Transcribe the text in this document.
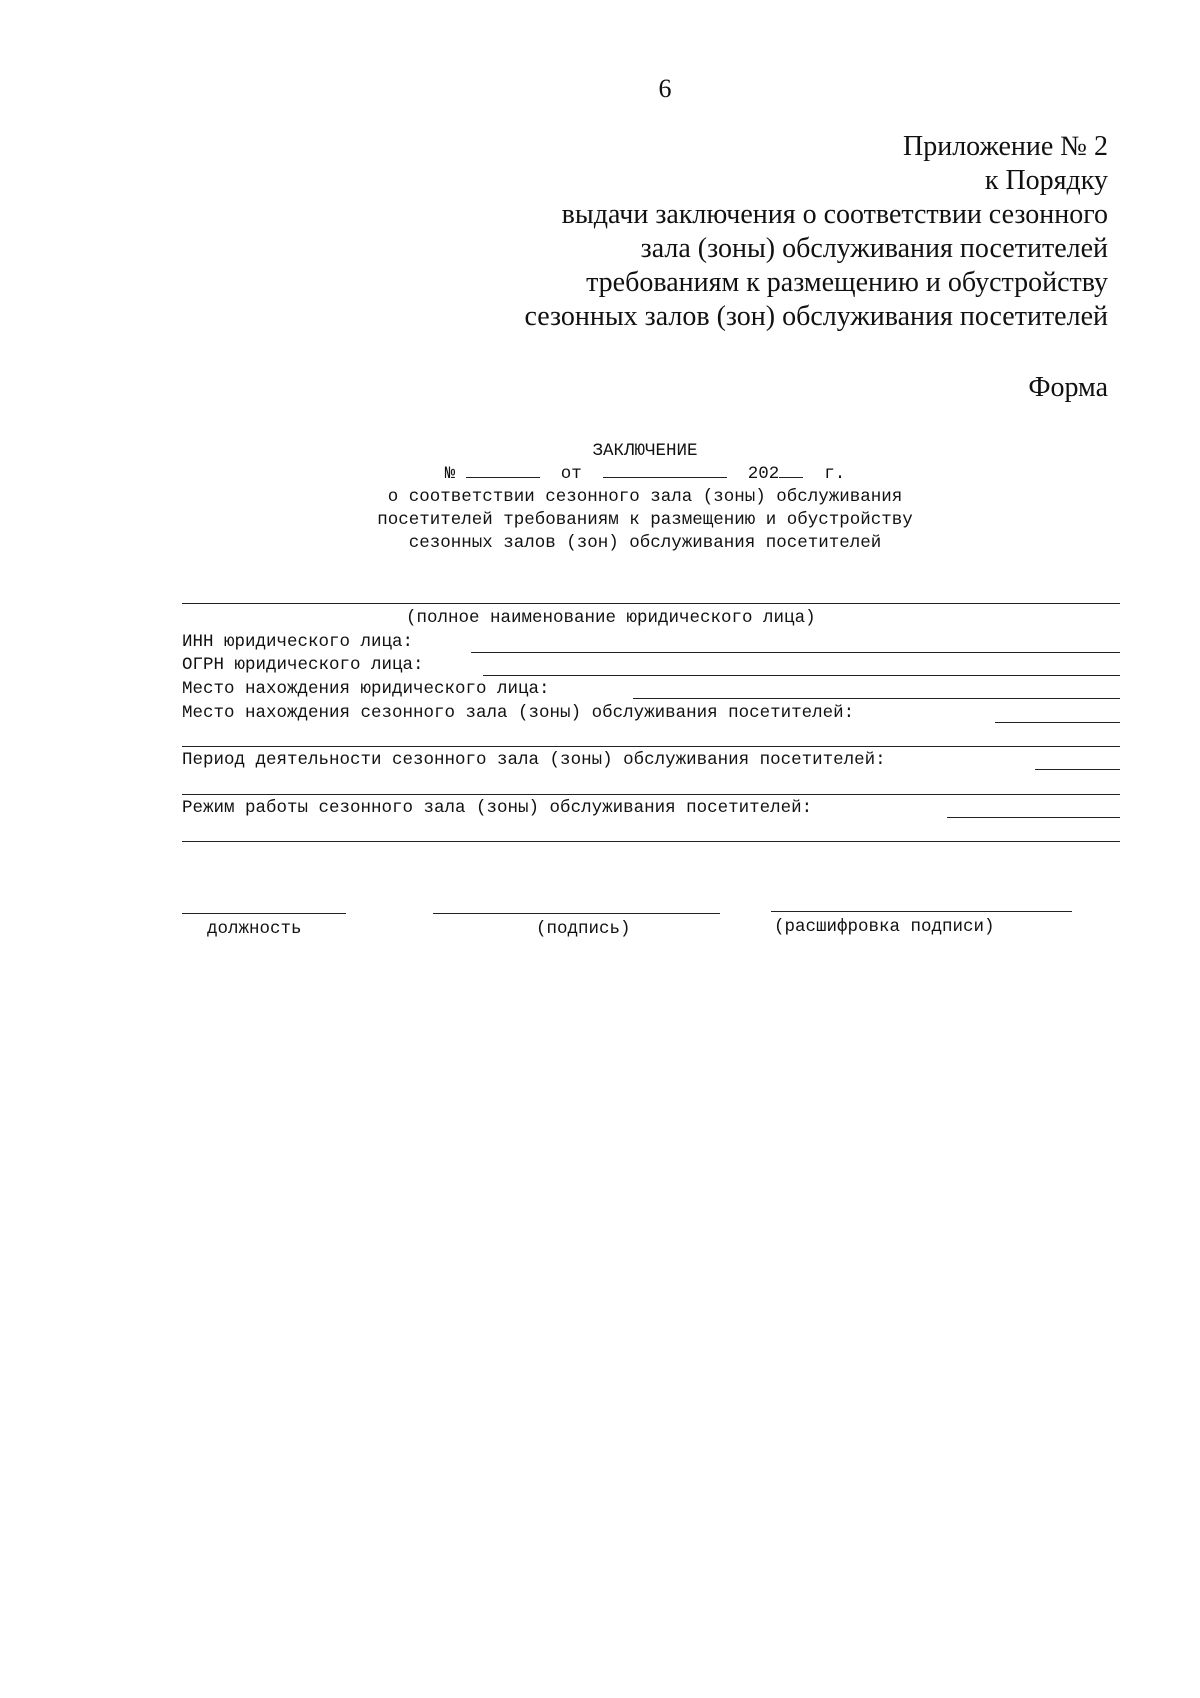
6
Приложение № 2
к Порядку
выдачи заключения о соответствии сезонного
зала (зоны) обслуживания посетителей
требованиям к размещению и обустройству
сезонных залов (зон) обслуживания посетителей
Форма
ЗАКЛЮЧЕНИЕ
№	от	202	г.
о соответствии сезонного зала (зоны) обслуживания
посетителей требованиям к размещению и обустройству
сезонных залов (зон) обслуживания посетителей
(полное наименование юридического лица)
ИНН юридического лица:
ОГРН юридического лица:
Место нахождения юридического лица:
Место нахождения сезонного зала (зоны) обслуживания посетителей:
Период деятельности сезонного зала (зоны) обслуживания посетителей:
Режим работы сезонного зала (зоны) обслуживания посетителей:
должность	(подпись)	(расшифровка подписи)
